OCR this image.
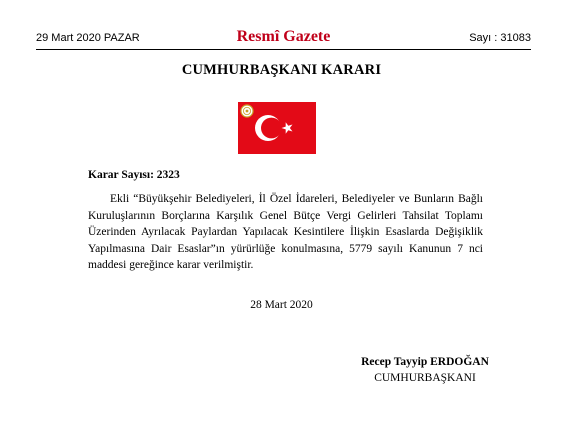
29 Mart 2020 PAZAR	Resmî Gazete	Sayı : 31083
CUMHURBAŞKANI KARARI
Karar Sayısı: 2323

Ekli “Büyükşehir Belediyeleri, İl Özel İdareleri, Belediyeler ve Bunların Bağlı Kuruluşlarının Borçlarına Karşılık Genel Bütçe Vergi Gelirleri Tahsilat Toplamı Üzerinden Ayrılacak Paylardan Yapılacak Kesintilere İlişkin Esaslarda Değişiklik Yapılmasına Dair Esaslar”ın yürürlüğe konulmasına, 5779 sayılı Kanunun 7 nci maddesi gereğince karar verilmiştir.

28 Mart 2020
Recep Tayyip ERDOĞAN
CUMHURBAŞKANI
